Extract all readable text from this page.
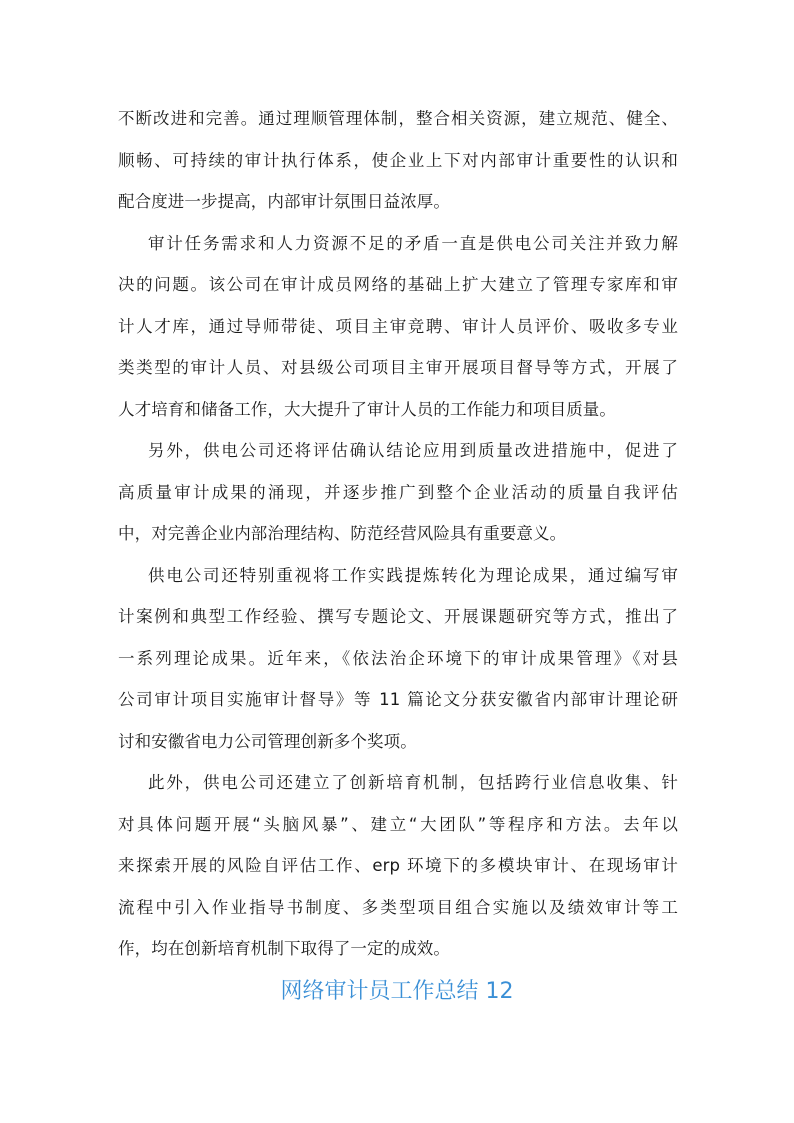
不断改进和完善。通过理顺管理体制，整合相关资源，建立规范、健全、
顺畅、可持续的审计执行体系，使企业上下对内部审计重要性的认识和
配合度进一步提高，内部审计氛围日益浓厚。
审计任务需求和人力资源不足的矛盾一直是供电公司关注并致力解
决的问题。该公司在审计成员网络的基础上扩大建立了管理专家库和审
计人才库，通过导师带徒、项目主审竞聘、审计人员评价、吸收多专业
类类型的审计人员、对县级公司项目主审开展项目督导等方式，开展了
人才培育和储备工作，大大提升了审计人员的工作能力和项目质量。
另外，供电公司还将评估确认结论应用到质量改进措施中，促进了
高质量审计成果的涌现，并逐步推广到整个企业活动的质量自我评估
中，对完善企业内部治理结构、防范经营风险具有重要意义。
供电公司还特别重视将工作实践提炼转化为理论成果，通过编写审
计案例和典型工作经验、撰写专题论文、开展课题研究等方式，推出了
一系列理论成果。近年来，《依法治企环境下的审计成果管理》《对县
公司审计项目实施审计督导》等 11 篇论文分获安徽省内部审计理论研
讨和安徽省电力公司管理创新多个奖项。
此外，供电公司还建立了创新培育机制，包括跨行业信息收集、针
对具体问题开展“头脑风暴”、建立“大团队”等程序和方法。去年以
来探索开展的风险自评估工作、erp 环境下的多模块审计、在现场审计
流程中引入作业指导书制度、多类型项目组合实施以及绩效审计等工
作，均在创新培育机制下取得了一定的成效。
网络审计员工作总结 12
